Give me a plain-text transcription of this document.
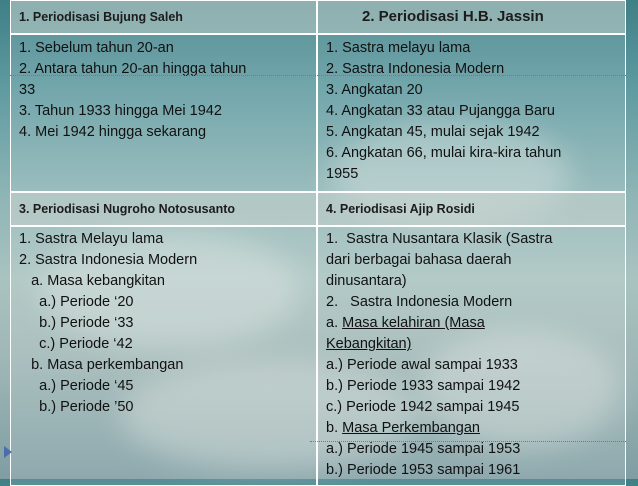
1. Periodisasi Bujung Saleh	2. Periodisasi H.B. Jassin
1. Sebelum tahun 20-an
2. Antara tahun 20-an hingga tahun
33
3. Tahun 1933 hingga Mei 1942
4. Mei 1942 hingga sekarang
1. Sastra melayu lama
2. Sastra Indonesia Modern
3. Angkatan 20
4. Angkatan 33 atau Pujangga Baru
5. Angkatan 45, mulai sejak 1942
6. Angkatan 66, mulai kira-kira tahun
1955
3. Periodisasi Nugroho Notosusanto	4. Periodisasi Ajip Rosidi
1. Sastra Melayu lama
2. Sastra Indonesia Modern
a. Masa kebangkitan
a.) Periode ‘20
b.) Periode ‘33
c.) Periode ‘42
b. Masa perkembangan
a.) Periode ‘45
b.) Periode ’50
1.  Sastra Nusantara Klasik (Sastra
dari berbagai bahasa daerah
dinusantara)
2.   Sastra Indonesia Modern
a. Masa kelahiran (Masa
Kebangkitan)
a.) Periode awal sampai 1933
b.) Periode 1933 sampai 1942
c.) Periode 1942 sampai 1945
b. Masa Perkembangan
a.) Periode 1945 sampai 1953
b.) Periode 1953 sampai 1961
